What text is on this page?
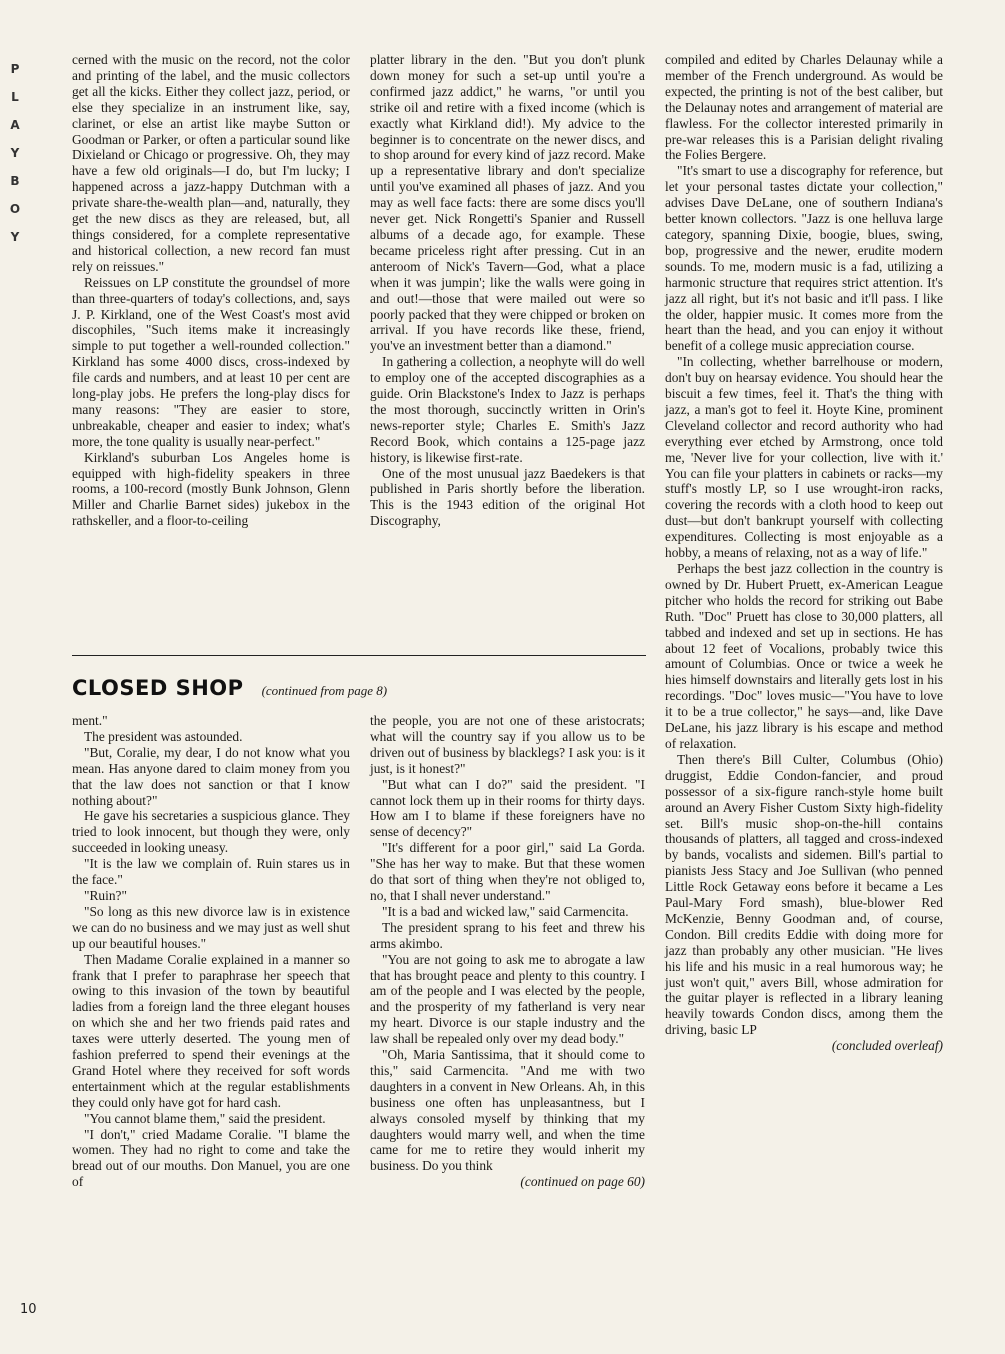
P
L
A
Y
B
O
Y

cerned with the music on the record, not the color and printing of the label, and the music collectors get all the kicks. Either they collect jazz, period, or else they specialize in an instrument like, say, clarinet, or else an artist like maybe Sutton or Goodman or Parker, or often a particular sound like Dixieland or Chicago or progressive. Oh, they may have a few old originals—I do, but I'm lucky; I happened across a jazz-happy Dutchman with a private share-the-wealth plan—and, naturally, they get the new discs as they are released, but, all things considered, for a complete representative and historical collection, a new record fan must rely on reissues."

Reissues on LP constitute the groundsel of more than three-quarters of today's collections, and, says J. P. Kirkland, one of the West Coast's most avid discophiles, "Such items make it increasingly simple to put together a well-rounded collection." Kirkland has some 4000 discs, cross-indexed by file cards and numbers, and at least 10 per cent are long-play jobs. He prefers the long-play discs for many reasons: "They are easier to store, unbreakable, cheaper and easier to index; what's more, the tone quality is usually near-perfect."

Kirkland's suburban Los Angeles home is equipped with high-fidelity speakers in three rooms, a 100-record (mostly Bunk Johnson, Glenn Miller and Charlie Barnet sides) jukebox in the rathskeller, and a floor-to-ceiling

platter library in the den. "But you don't plunk down money for such a set-up until you're a confirmed jazz addict," he warns, "or until you strike oil and retire with a fixed income (which is exactly what Kirkland did!). My advice to the beginner is to concentrate on the newer discs, and to shop around for every kind of jazz record. Make up a representative library and don't specialize until you've examined all phases of jazz. And you may as well face facts: there are some discs you'll never get. Nick Rongetti's Spanier and Russell albums of a decade ago, for example. These became priceless right after pressing. Cut in an anteroom of Nick's Tavern—God, what a place when it was jumpin'; like the walls were going in and out!—those that were mailed out were so poorly packed that they were chipped or broken on arrival. If you have records like these, friend, you've an investment better than a diamond."

In gathering a collection, a neophyte will do well to employ one of the accepted discographies as a guide. Orin Blackstone's Index to Jazz is perhaps the most thorough, succinctly written in Orin's news-reporter style; Charles E. Smith's Jazz Record Book, which contains a 125-page jazz history, is likewise first-rate.

One of the most unusual jazz Baedekers is that published in Paris shortly before the liberation. This is the 1943 edition of the original Hot Discography,

compiled and edited by Charles Delaunay while a member of the French underground. As would be expected, the printing is not of the best caliber, but the Delaunay notes and arrangement of material are flawless. For the collector interested primarily in pre-war releases this is a Parisian delight rivaling the Folies Bergere.

"It's smart to use a discography for reference, but let your personal tastes dictate your collection," advises Dave DeLane, one of southern Indiana's better known collectors. "Jazz is one helluva large category, spanning Dixie, boogie, blues, swing, bop, progressive and the newer, erudite modern sounds. To me, modern music is a fad, utilizing a harmonic structure that requires strict attention. It's jazz all right, but it's not basic and it'll pass. I like the older, happier music. It comes more from the heart than the head, and you can enjoy it without benefit of a college music appreciation course.

"In collecting, whether barrelhouse or modern, don't buy on hearsay evidence. You should hear the biscuit a few times, feel it. That's the thing with jazz, a man's got to feel it. Hoyte Kine, prominent Cleveland collector and record authority who had everything ever etched by Armstrong, once told me, 'Never live for your collection, live with it.' You can file your platters in cabinets or racks—my stuff's mostly LP, so I use wrought-iron racks, covering the records with a cloth hood to keep out dust—but don't bankrupt yourself with collecting expenditures. Collecting is most enjoyable as a hobby, a means of relaxing, not as a way of life."

Perhaps the best jazz collection in the country is owned by Dr. Hubert Pruett, ex-American League pitcher who holds the record for striking out Babe Ruth. "Doc" Pruett has close to 30,000 platters, all tabbed and indexed and set up in sections. He has about 12 feet of Vocalions, probably twice this amount of Columbias. Once or twice a week he hies himself downstairs and literally gets lost in his recordings. "Doc" loves music—"You have to love it to be a true collector," he says—and, like Dave DeLane, his jazz library is his escape and method of relaxation.

Then there's Bill Culter, Columbus (Ohio) druggist, Eddie Condon-fancier, and proud possessor of a six-figure ranch-style home built around an Avery Fisher Custom Sixty high-fidelity set. Bill's music shop-on-the-hill contains thousands of platters, all tagged and cross-indexed by bands, vocalists and sidemen. Bill's partial to pianists Jess Stacy and Joe Sullivan (who penned Little Rock Getaway eons before it became a Les Paul-Mary Ford smash), blue-blower Red McKenzie, Benny Goodman and, of course, Condon. Bill credits Eddie with doing more for jazz than probably any other musician. "He lives his life and his music in a real humorous way; he just won't quit," avers Bill, whose admiration for the guitar player is reflected in a library leaning heavily towards Condon discs, among them the driving, basic LP

(concluded overleaf)

CLOSED SHOP (continued from page 8)

ment."

The president was astounded.

"But, Coralie, my dear, I do not know what you mean. Has anyone dared to claim money from you that the law does not sanction or that I know nothing about?"

He gave his secretaries a suspicious glance. They tried to look innocent, but though they were, only succeeded in looking uneasy.

"It is the law we complain of. Ruin stares us in the face."

"Ruin?"

"So long as this new divorce law is in existence we can do no business and we may just as well shut up our beautiful houses."

Then Madame Coralie explained in a manner so frank that I prefer to paraphrase her speech that owing to this invasion of the town by beautiful ladies from a foreign land the three elegant houses on which she and her two friends paid rates and taxes were utterly deserted. The young men of fashion preferred to spend their evenings at the Grand Hotel where they received for soft words entertainment which at the regular establishments they could only have got for hard cash.

"You cannot blame them," said the president.

"I don't," cried Madame Coralie. "I blame the women. They had no right to come and take the bread out of our mouths. Don Manuel, you are one of

the people, you are not one of these aristocrats; what will the country say if you allow us to be driven out of business by blacklegs? I ask you: is it just, is it honest?"

"But what can I do?" said the president. "I cannot lock them up in their rooms for thirty days. How am I to blame if these foreigners have no sense of decency?"

"It's different for a poor girl," said La Gorda. "She has her way to make. But that these women do that sort of thing when they're not obliged to, no, that I shall never understand."

"It is a bad and wicked law," said Carmencita.

The president sprang to his feet and threw his arms akimbo.

"You are not going to ask me to abrogate a law that has brought peace and plenty to this country. I am of the people and I was elected by the people, and the prosperity of my fatherland is very near my heart. Divorce is our staple industry and the law shall be repealed only over my dead body."

"Oh, Maria Santissima, that it should come to this," said Carmencita. "And me with two daughters in a convent in New Orleans. Ah, in this business one often has unpleasantness, but I always consoled myself by thinking that my daughters would marry well, and when the time came for me to retire they would inherit my business. Do you think

(continued on page 60)

10
